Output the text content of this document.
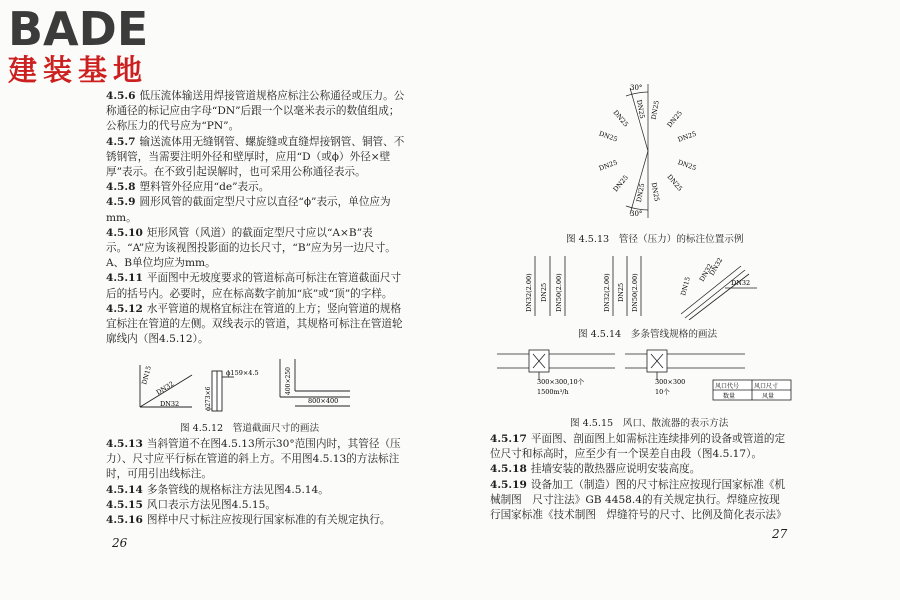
BADE
建装基地

4.5.6 低压流体输送用焊接管道规格应标注公称通径或压力。公称通径的标记应由字母“DN”后跟一个以毫米表示的数值组成；公称压力的代号应为“PN”。

4.5.7 输送流体用无缝钢管、螺旋缝或直缝焊接钢管、铜管、不锈钢管，当需要注明外径和壁厚时，应用“D（或ϕ）外径×壁厚”表示。在不致引起误解时，也可采用公称通径表示。

4.5.8 塑料管外径应用“de”表示。

4.5.9 圆形风管的截面定型尺寸应以直径“ϕ”表示，单位应为mm。

4.5.10 矩形风管（风道）的截面定型尺寸应以“A×B”表示。“A”应为该视图投影面的边长尺寸，“B”应为另一边尺寸。A、B单位均应为mm。

4.5.11 平面图中无坡度要求的管道标高可标注在管道截面尺寸后的括号内。必要时，应在标高数字前加“底”或“顶”的字样。

4.5.12 水平管道的规格宜标注在管道的上方；竖向管道的规格宜标注在管道的左侧。双线表示的管道，其规格可标注在管道轮廓线内（图4.5.12）。

DN15
DN32
DN32
ϕ159×4.5
ϕ273×6
400×250
800×400
图 4.5.12　管道截面尺寸的画法

4.5.13 当斜管道不在图4.5.13所示30°范围内时，其管径（压力）、尺寸应平行标在管道的斜上方。不用图4.5.13的方法标注时，可用引出线标注。

4.5.14 多条管线的规格标注方法见图4.5.14。

4.5.15 风口表示方法见图4.5.15。

4.5.16 图样中尺寸标注应按现行国家标准的有关规定执行。

26
30°
30°
DN25 DN25
DN25
DN25
DN25
DN25
DN25
DN25
DN25
DN25
DN25 DN25
图 4.5.13　管径（压力）的标注位置示例
DN32(2.00) DN25 DN50(2.00)	DN32(2.00) DN25 DN50(2.00)	DN15
DN32
DN32
DN32
图 4.5.14　多条管线规格的画法
300×300,10个
1500m³/h
300×300
10个
风口代号 风口尺寸
数量	风量
图 4.5.15　风口、散流器的表示方法

4.5.17 平面图、剖面图上如需标注连续排列的设备或管道的定位尺寸和标高时，应至少有一个误差自由段（图4.5.17）。

4.5.18 挂墙安装的散热器应说明安装高度。

4.5.19 设备加工（制造）图的尺寸标注应按现行国家标准《机械制图　尺寸注法》GB 4458.4的有关规定执行。焊缝应按现行国家标准《技术制图　焊缝符号的尺寸、比例及简化表示法》

27
